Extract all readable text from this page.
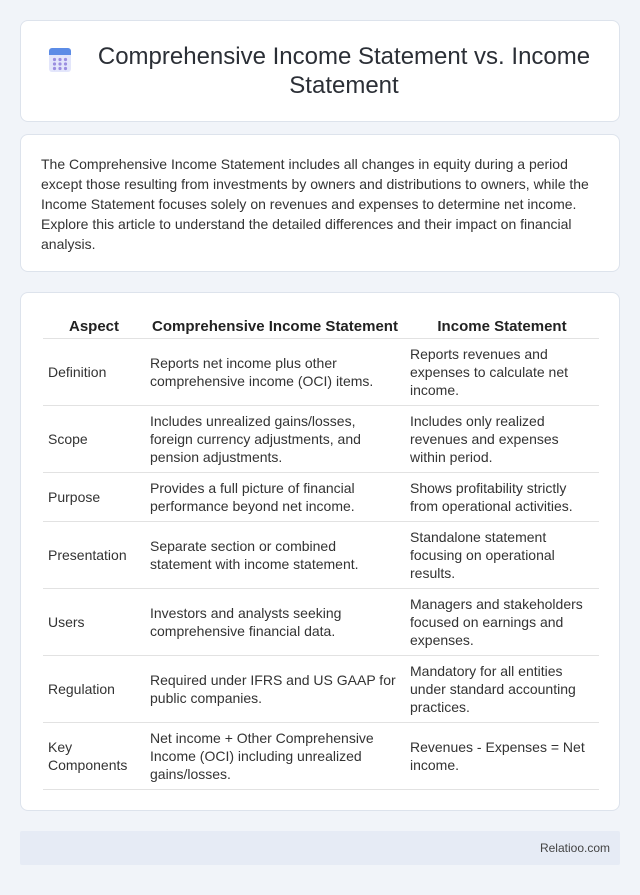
Comprehensive Income Statement vs. Income Statement

The Comprehensive Income Statement includes all changes in equity during a period except those resulting from investments by owners and distributions to owners, while the Income Statement focuses solely on revenues and expenses to determine net income. Explore this article to understand the detailed differences and their impact on financial analysis.

Aspect	Comprehensive Income Statement	Income Statement
Definition	Reports net income plus other comprehensive income (OCI) items.	Reports revenues and expenses to calculate net income.
Scope	Includes unrealized gains/losses, foreign currency adjustments, and pension adjustments.	Includes only realized revenues and expenses within period.
Purpose	Provides a full picture of financial performance beyond net income.	Shows profitability strictly from operational activities.
Presentation	Separate section or combined statement with income statement.	Standalone statement focusing on operational results.
Users	Investors and analysts seeking comprehensive financial data.	Managers and stakeholders focused on earnings and expenses.
Regulation	Required under IFRS and US GAAP for public companies.	Mandatory for all entities under standard accounting practices.
Key Components	Net income + Other Comprehensive Income (OCI) including unrealized gains/losses.	Revenues - Expenses = Net income.
Relatioo.com
